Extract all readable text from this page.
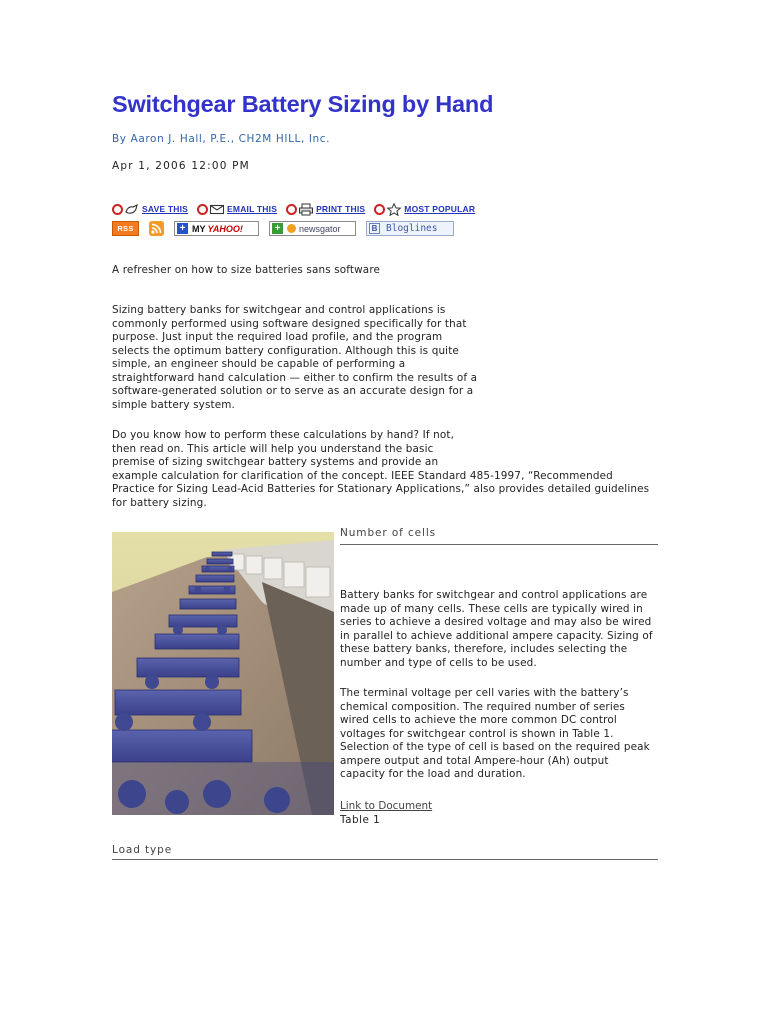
Switchgear Battery Sizing by Hand
By Aaron J. Hall, P.E., CH2M HILL, Inc.
Apr 1, 2006 12:00 PM
SAVE THIS	EMAIL THIS	PRINT THIS	MOST POPULAR
RSS	+ MY YAHOO!	+ newsgator	B Bloglines

A refresher on how to size batteries sans software

Sizing battery banks for switchgear and control applications is
commonly performed using software designed specifically for that
purpose. Just input the required load profile, and the program
selects the optimum battery configuration. Although this is quite
simple, an engineer should be capable of performing a
straightforward hand calculation — either to confirm the results of a
software-generated solution or to serve as an accurate design for a
simple battery system.

Do you know how to perform these calculations by hand? If not,
then read on. This article will help you understand the basic
premise of sizing switchgear battery systems and provide an
example calculation for clarification of the concept. IEEE Standard 485-1997, “Recommended
Practice for Sizing Lead-Acid Batteries for Stationary Applications,” also provides detailed guidelines
for battery sizing.

Number of cells

Battery banks for switchgear and control applications are
made up of many cells. These cells are typically wired in
series to achieve a desired voltage and may also be wired
in parallel to achieve additional ampere capacity. Sizing of
these battery banks, therefore, includes selecting the
number and type of cells to be used.

The terminal voltage per cell varies with the battery’s
chemical composition. The required number of series
wired cells to achieve the more common DC control
voltages for switchgear control is shown in Table 1.
Selection of the type of cell is based on the required peak
ampere output and total Ampere-hour (Ah) output
capacity for the load and duration.

Link to Document
Table 1
Load type
